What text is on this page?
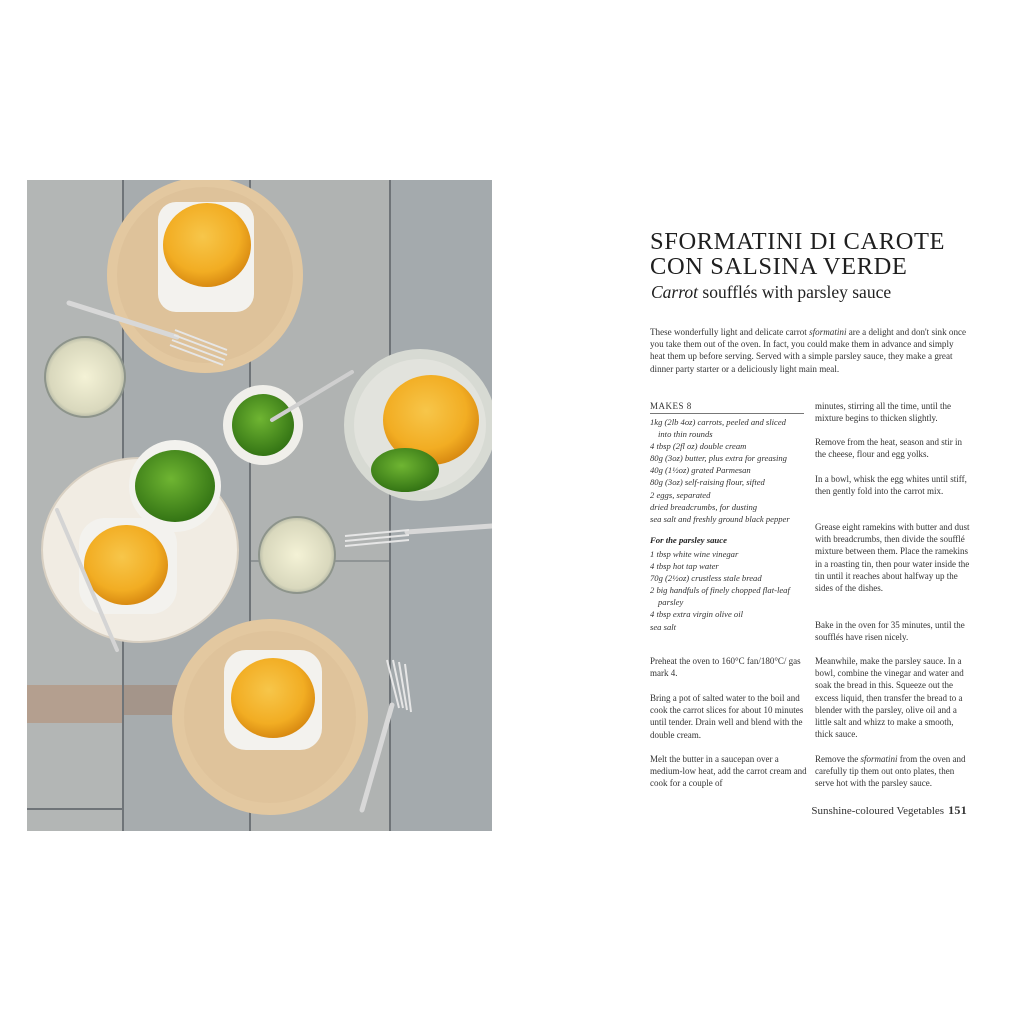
SFORMATINI DI CAROTE
CON SALSINA VERDE
Carrot soufflés with parsley sauce

These wonderfully light and delicate carrot sformatini are a delight and don't sink once you take them out of the oven. In fact, you could make them in advance and simply heat them up before serving. Served with a simple parsley sauce, they make a great dinner party starter or a deliciously light main meal.

MAKES 8
1kg (2lb 4oz) carrots, peeled and sliced
into thin rounds
4 tbsp (2fl oz) double cream
80g (3oz) butter, plus extra for greasing
40g (1½oz) grated Parmesan
80g (3oz) self-raising flour, sifted
2 eggs, separated
dried breadcrumbs, for dusting
sea salt and freshly ground black pepper
For the parsley sauce
1 tbsp white wine vinegar
4 tbsp hot tap water
70g (2½oz) crustless stale bread
2 big handfuls of finely chopped flat-leaf
parsley
4 tbsp extra virgin olive oil
sea salt

Preheat the oven to 160°C fan/180°C/ gas mark 4.

Bring a pot of salted water to the boil and cook the carrot slices for about 10 minutes until tender. Drain well and blend with the double cream.

Melt the butter in a saucepan over a medium-low heat, add the carrot cream and cook for a couple of

minutes, stirring all the time, until the mixture begins to thicken slightly.

Remove from the heat, season and stir in the cheese, flour and egg yolks.

In a bowl, whisk the egg whites until stiff, then gently fold into the carrot mix.

Grease eight ramekins with butter and dust with breadcrumbs, then divide the soufflé mixture between them. Place the ramekins in a roasting tin, then pour water inside the tin until it reaches about halfway up the sides of the dishes.

Bake in the oven for 35 minutes, until the soufflés have risen nicely.

Meanwhile, make the parsley sauce. In a bowl, combine the vinegar and water and soak the bread in this. Squeeze out the excess liquid, then transfer the bread to a blender with the parsley, olive oil and a little salt and whizz to make a smooth, thick sauce.

Remove the sformatini from the oven and carefully tip them out onto plates, then serve hot with the parsley sauce.

Sunshine-coloured Vegetables 151
